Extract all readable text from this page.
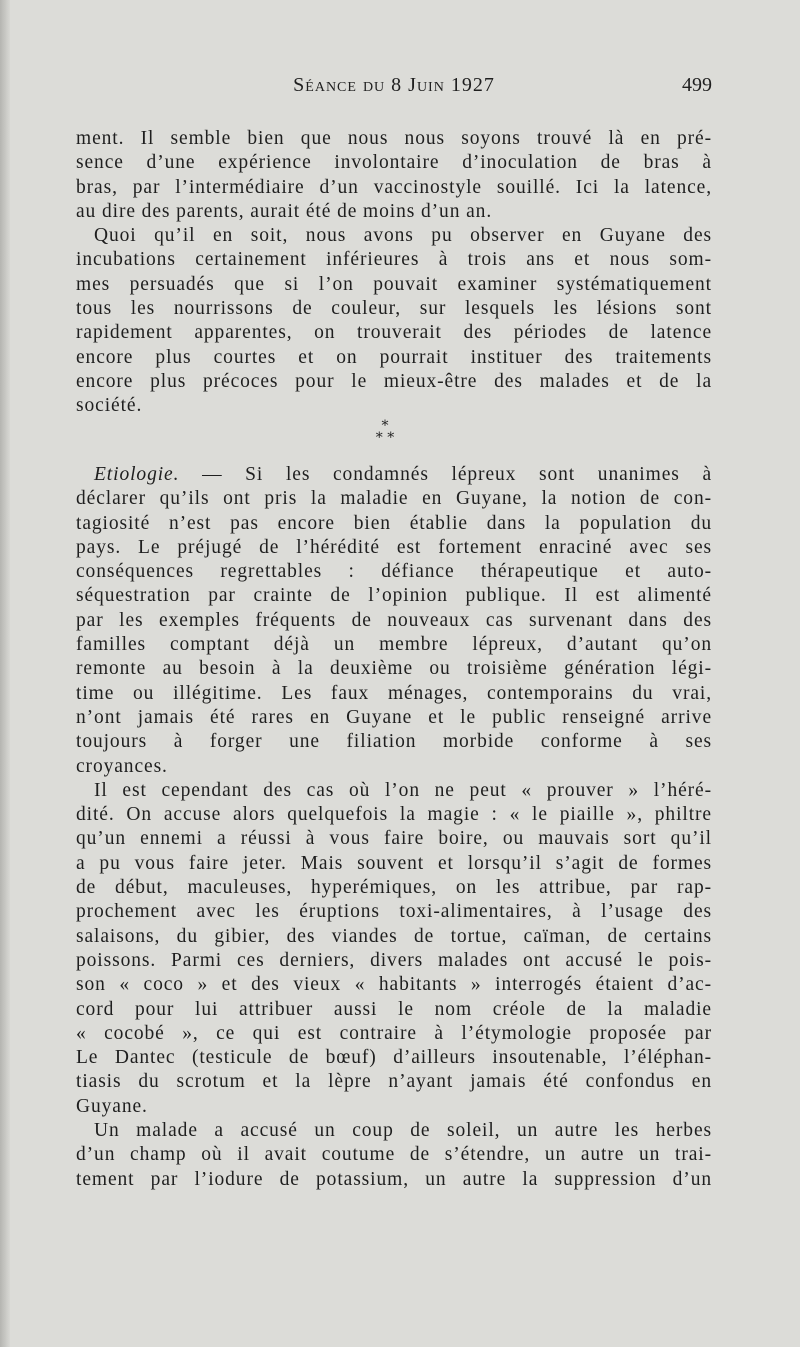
Séance du 8 Juin 1927	499
ment. Il semble bien que nous nous soyons trouvé là en pré-
sence d’une expérience involontaire d’inoculation de bras à
bras, par l’intermédiaire d’un vaccinostyle souillé. Ici la latence,
au dire des parents, aurait été de moins d’un an.
Quoi qu’il en soit, nous avons pu observer en Guyane des
incubations certainement inférieures à trois ans et nous som-
mes persuadés que si l’on pouvait examiner systématiquement
tous les nourrissons de couleur, sur lesquels les lésions sont
rapidement apparentes, on trouverait des périodes de latence
encore plus courtes et on pourrait instituer des traitements
encore plus précoces pour le mieux-être des malades et de la
société.
*
* *
Etiologie. — Si les condamnés lépreux sont unanimes à
déclarer qu’ils ont pris la maladie en Guyane, la notion de con-
tagiosité n’est pas encore bien établie dans la population du
pays. Le préjugé de l’hérédité est fortement enraciné avec ses
conséquences regrettables : défiance thérapeutique et auto-
séquestration par crainte de l’opinion publique. Il est alimenté
par les exemples fréquents de nouveaux cas survenant dans des
familles comptant déjà un membre lépreux, d’autant qu’on
remonte au besoin à la deuxième ou troisième génération légi-
time ou illégitime. Les faux ménages, contemporains du vrai,
n’ont jamais été rares en Guyane et le public renseigné arrive
toujours à forger une filiation morbide conforme à ses
croyances.
Il est cependant des cas où l’on ne peut « prouver » l’héré-
dité. On accuse alors quelquefois la magie : « le piaille », philtre
qu’un ennemi a réussi à vous faire boire, ou mauvais sort qu’il
a pu vous faire jeter. Mais souvent et lorsqu’il s’agit de formes
de début, maculeuses, hyperémiques, on les attribue, par rap-
prochement avec les éruptions toxi-alimentaires, à l’usage des
salaisons, du gibier, des viandes de tortue, caïman, de certains
poissons. Parmi ces derniers, divers malades ont accusé le pois-
son « coco » et des vieux « habitants » interrogés étaient d’ac-
cord pour lui attribuer aussi le nom créole de la maladie
« cocobé », ce qui est contraire à l’étymologie proposée par
Le Dantec (testicule de bœuf) d’ailleurs insoutenable, l’éléphan-
tiasis du scrotum et la lèpre n’ayant jamais été confondus en
Guyane.
Un malade a accusé un coup de soleil, un autre les herbes
d’un champ où il avait coutume de s’étendre, un autre un trai-
tement par l’iodure de potassium, un autre la suppression d’un
